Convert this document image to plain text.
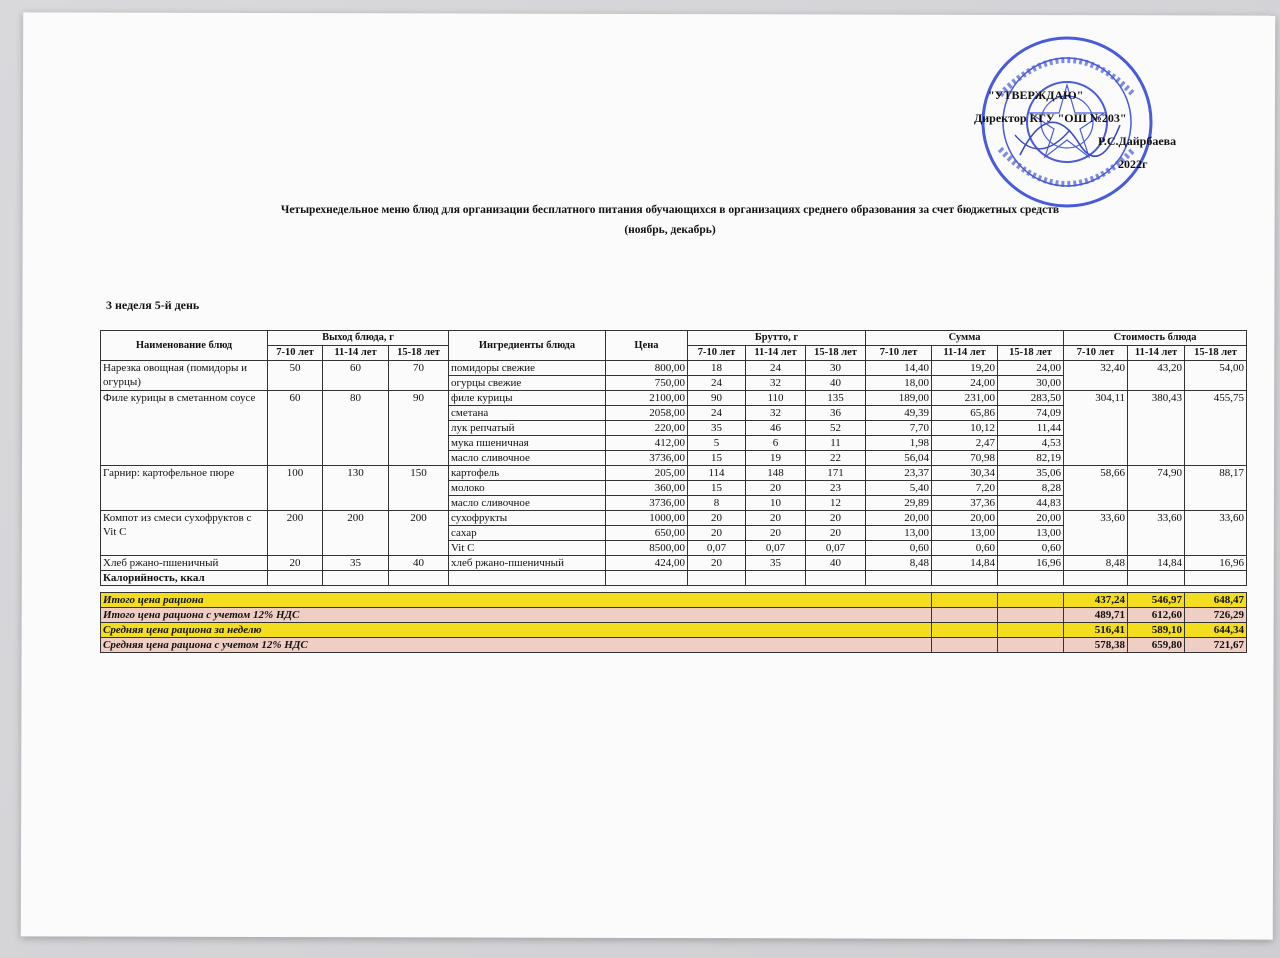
"УТВЕРЖДАЮ"
Директор КГУ "ОШ №203"
Р.С.Дайрбаева
2022г
Четырехнедельное меню блюд для организации бесплатного питания обучающихся в организациях среднего образования за счет бюджетных средств
(ноябрь, декабрь)
3 неделя 5-й день
Наименование блюд	Выход блюда, г			Ингредиенты блюда	Цена	Брутто, г			Сумма			Стоимость блюда		
	7-10 лет	11-14 лет	15-18 лет			7-10 лет	11-14 лет	15-18 лет	7-10 лет	11-14 лет	15-18 лет	7-10 лет	11-14 лет	15-18 лет
Нарезка овощная (помидоры и огурцы)	50	60	70	помидоры свежие	800,00	18	24	30	14,40	19,20	24,00	32,40	43,20	54,00
				огурцы свежие	750,00	24	32	40	18,00	24,00	30,00			
Филе курицы в сметанном соусе	60	80	90	филе курицы	2100,00	90	110	135	189,00	231,00	283,50	304,11	380,43	455,75
				сметана	2058,00	24	32	36	49,39	65,86	74,09			
				лук репчатый	220,00	35	46	52	7,70	10,12	11,44			
				мука пшеничная	412,00	5	6	11	1,98	2,47	4,53			
				масло сливочное	3736,00	15	19	22	56,04	70,98	82,19			
Гарнир: картофельное пюре	100	130	150	картофель	205,00	114	148	171	23,37	30,34	35,06	58,66	74,90	88,17
				молоко	360,00	15	20	23	5,40	7,20	8,28			
				масло сливочное	3736,00	8	10	12	29,89	37,36	44,83			
Компот из смеси сухофруктов с Vit C	200	200	200	сухофрукты	1000,00	20	20	20	20,00	20,00	20,00	33,60	33,60	33,60
				сахар	650,00	20	20	20	13,00	13,00	13,00			
				Vit C	8500,00	0,07	0,07	0,07	0,60	0,60	0,60			
Хлеб ржано-пшеничный	20	35	40	хлеб ржано-пшеничный	424,00	20	35	40	8,48	14,84	16,96	8,48	14,84	16,96
Калорийность, ккал														

Итого цена рациона												437,24	546,97	648,47
Итого цена рациона с учетом 12% НДС												489,71	612,60	726,29
Средняя цена рациона за неделю												516,41	589,10	644,34
Средняя цена рациона с учетом 12% НДС												578,38	659,80	721,67
